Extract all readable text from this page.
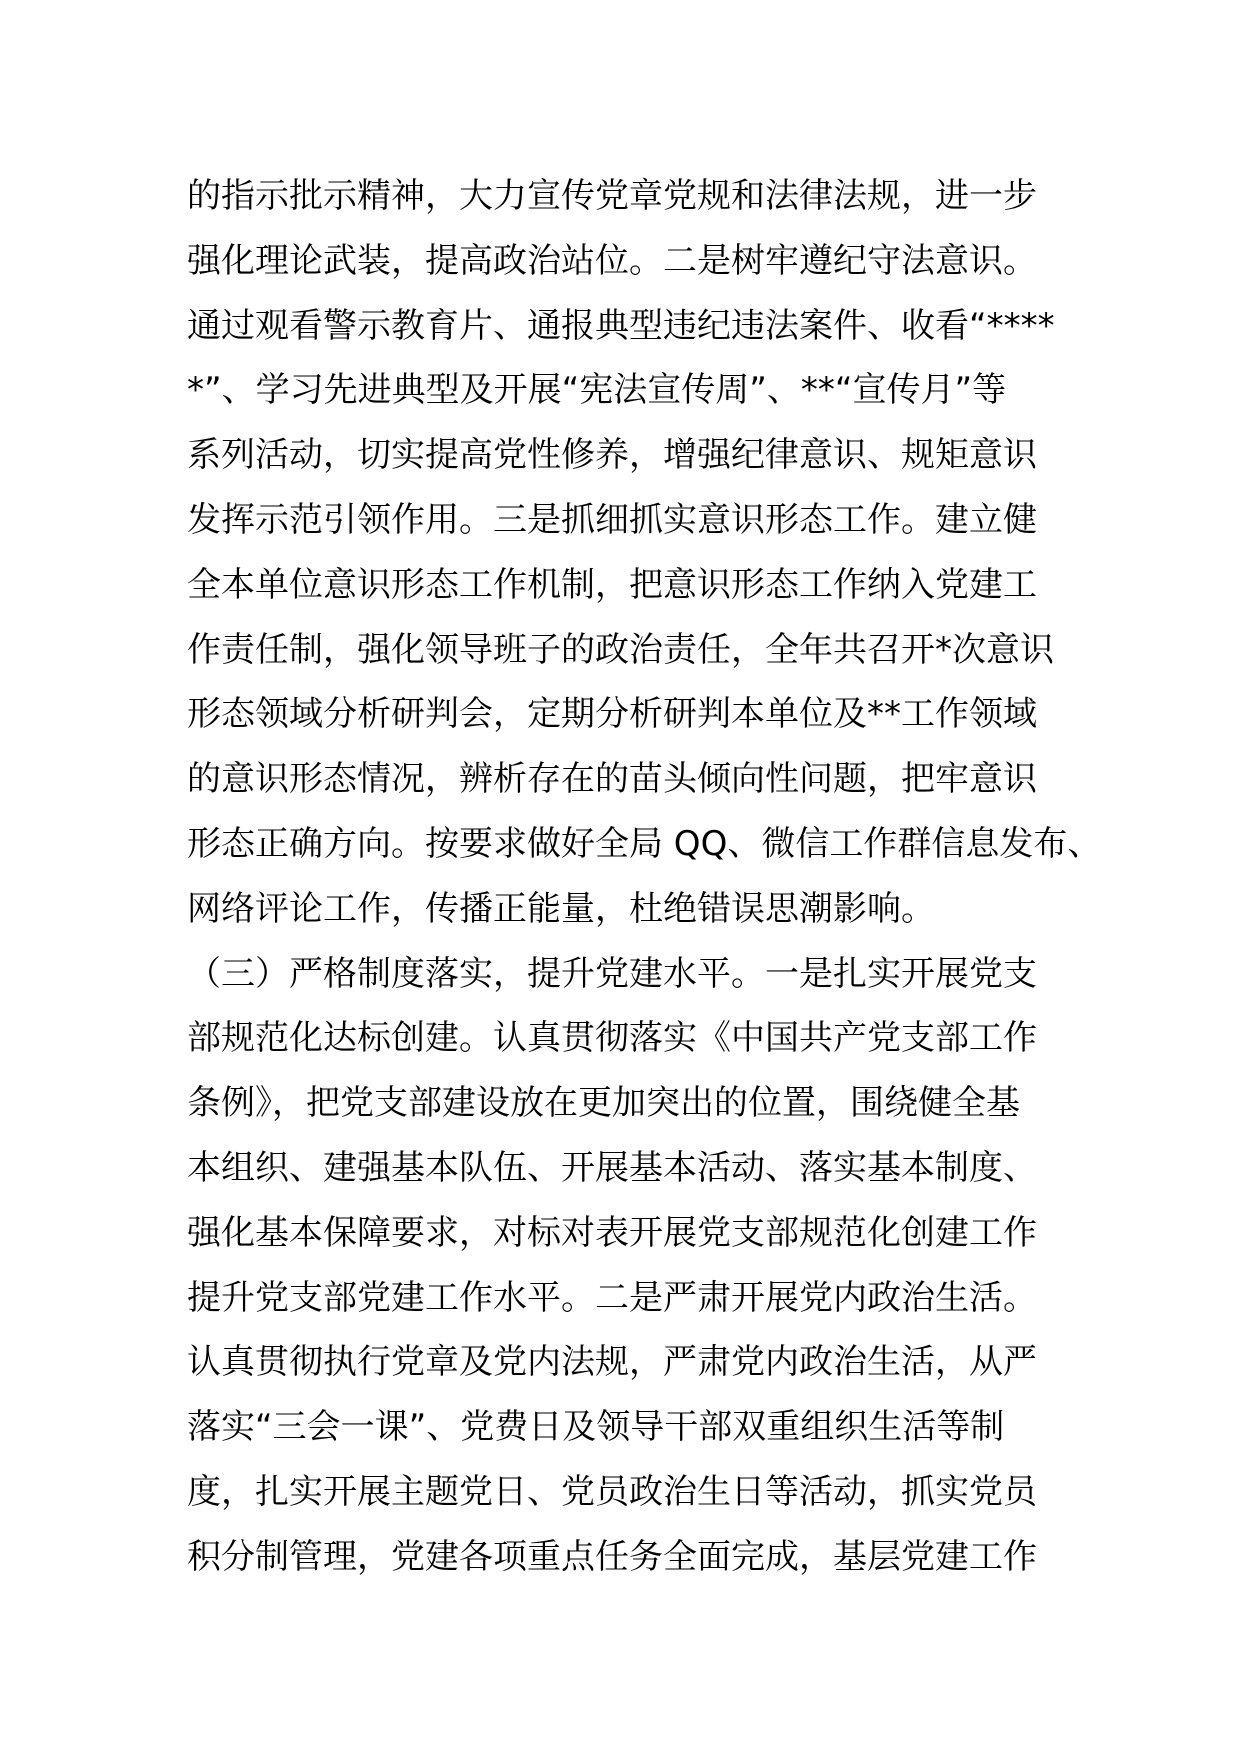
的指示批示精神，大力宣传党章党规和法律法规，进一步
强化理论武装，提高政治站位。二是树牢遵纪守法意识。
通过观看警示教育片、通报典型违纪违法案件、收看“****
*”、学习先进典型及开展“宪法宣传周”、**“宣传月”等
系列活动，切实提高党性修养，增强纪律意识、规矩意识
发挥示范引领作用。三是抓细抓实意识形态工作。建立健
全本单位意识形态工作机制，把意识形态工作纳入党建工
作责任制，强化领导班子的政治责任，全年共召开*次意识
形态领域分析研判会，定期分析研判本单位及**工作领域
的意识形态情况，辨析存在的苗头倾向性问题，把牢意识
形态正确方向。按要求做好全局 QQ、微信工作群信息发布、
网络评论工作，传播正能量，杜绝错误思潮影响。
（三）严格制度落实，提升党建水平。一是扎实开展党支
部规范化达标创建。认真贯彻落实《中国共产党支部工作
条例》，把党支部建设放在更加突出的位置，围绕健全基
本组织、建强基本队伍、开展基本活动、落实基本制度、
强化基本保障要求，对标对表开展党支部规范化创建工作
提升党支部党建工作水平。二是严肃开展党内政治生活。
认真贯彻执行党章及党内法规，严肃党内政治生活，从严
落实“三会一课”、党费日及领导干部双重组织生活等制
度，扎实开展主题党日、党员政治生日等活动，抓实党员
积分制管理，党建各项重点任务全面完成，基层党建工作
